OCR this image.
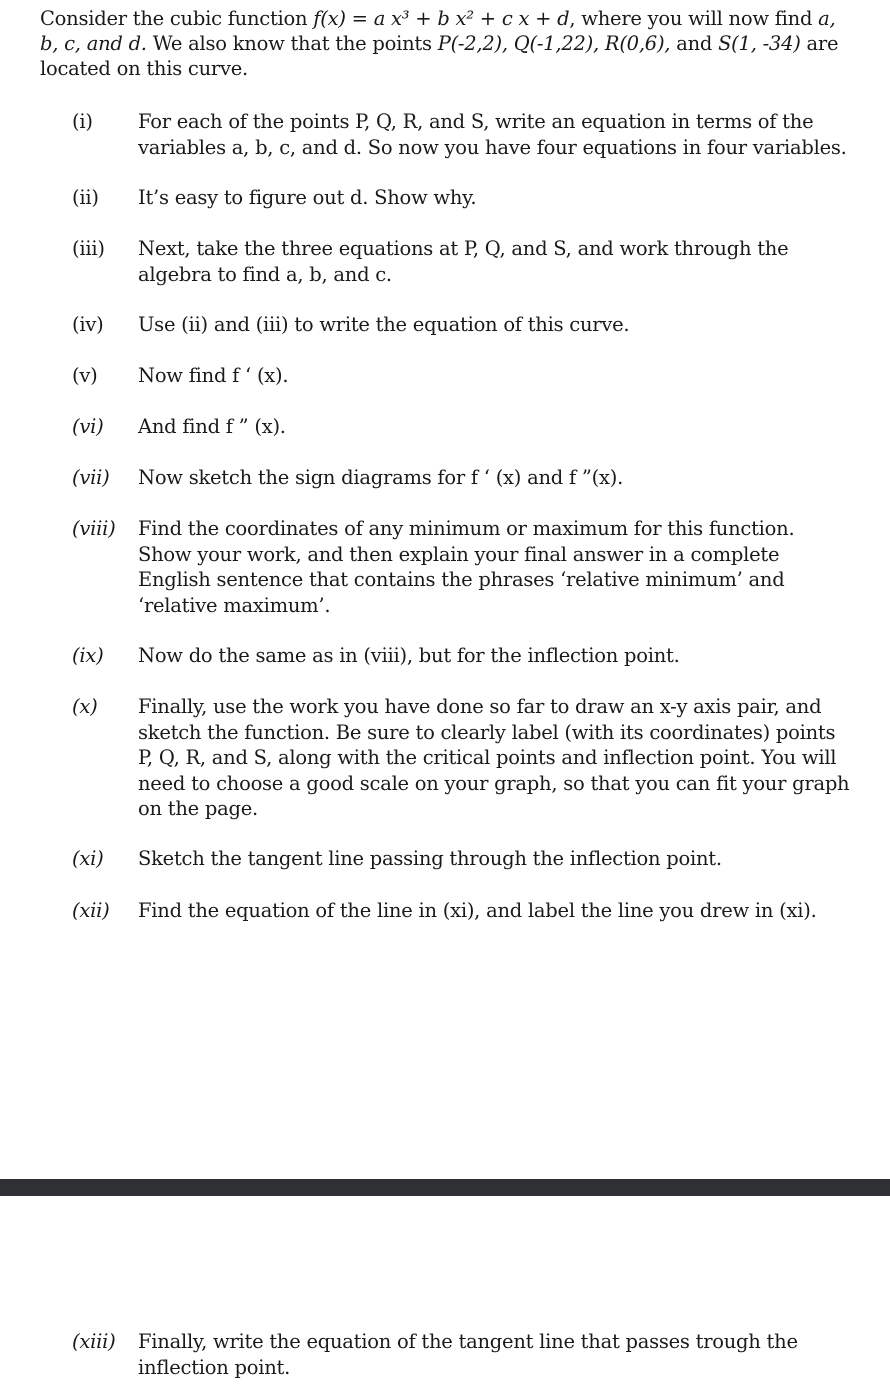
Consider the cubic function f(x) = a x³ + b x² + c x + d, where you will now find a, b, c, and d. We also know that the points P(-2,2), Q(-1,22), R(0,6), and S(1, -34) are located on this curve.
(i)	For each of the points P, Q, R, and S, write an equation in terms of the variables a, b, c, and d. So now you have four equations in four variables.
(ii)	It’s easy to figure out d. Show why.
(iii)	Next, take the three equations at P, Q, and S, and work through the algebra to find a, b, and c.
(iv)	Use (ii) and (iii) to write the equation of this curve.
(v)	Now find f ‘ (x).
(vi)	And find f ” (x).
(vii)	Now sketch the sign diagrams for f ‘ (x) and f ”(x).
(viii)	Find the coordinates of any minimum or maximum for this function. Show your work, and then explain your final answer in a complete English sentence that contains the phrases ‘relative minimum’ and ‘relative maximum’.
(ix)	Now do the same as in (viii), but for the inflection point.
(x)	Finally, use the work you have done so far to draw an x-y axis pair, and sketch the function. Be sure to clearly label (with its coordinates) points P, Q, R, and S, along with the critical points and inflection point. You will need to choose a good scale on your graph, so that you can fit your graph on the page.
(xi)	Sketch the tangent line passing through the inflection point.
(xii)	Find the equation of the line in (xi), and label the line you drew in (xi).
(xiii)	Finally, write the equation of the tangent line that passes trough the inflection point.
